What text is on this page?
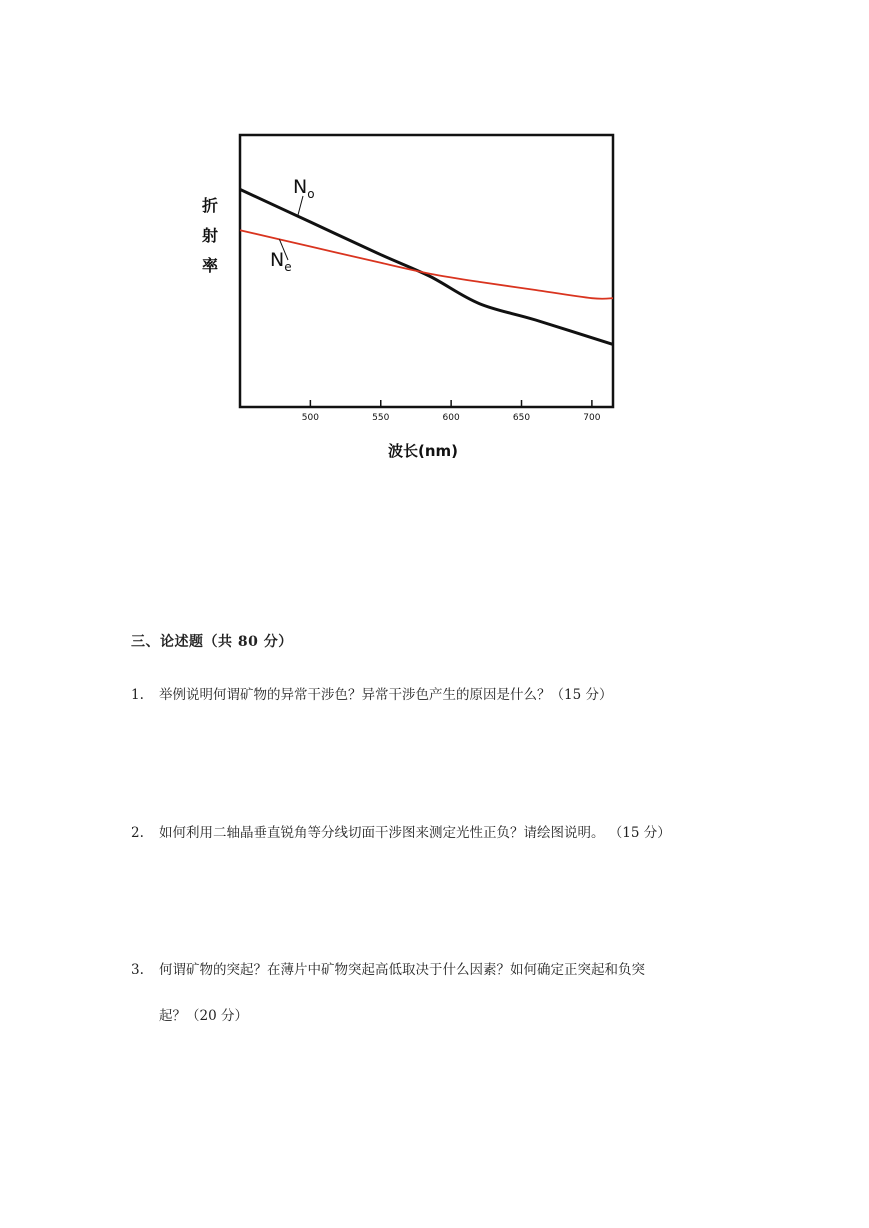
500	550	600	650	700
$N_o$
$N_e$
折射率
波长(nm)
三、论述题（共 80 分）
1. 举例说明何谓矿物的异常干涉色？异常干涉色产生的原因是什么？（15 分）
2. 如何利用二轴晶垂直锐角等分线切面干涉图来测定光性正负？请绘图说明。 （15 分）
3. 何谓矿物的突起？在薄片中矿物突起高低取决于什么因素？如何确定正突起和负突
起？（20 分）
